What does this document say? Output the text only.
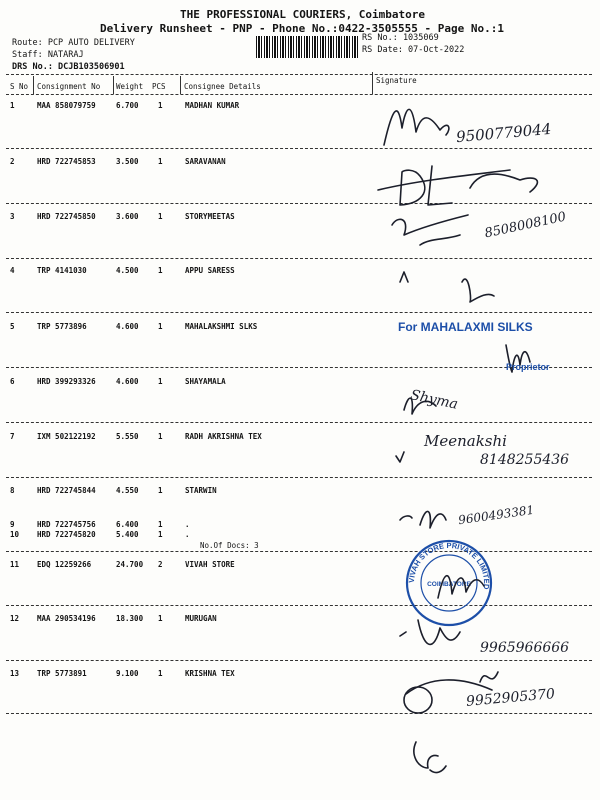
THE PROFESSIONAL COURIERS, Coimbatore
Delivery Runsheet - PNP - Phone No.:0422-3505555 - Page No.:1
Route: PCP AUTO DELIVERY
Staff: NATARAJ
DRS No.: DCJB103506901
RS No.: 1035069
RS Date: 07-Oct-2022
S No Consignment No Weight PCS Consignee Details
Signature
1	MAA 858079759	6.700	1	MADHAN KUMAR
2	HRD 722745853	3.500	1	SARAVANAN
3	HRD 722745850	3.600	1	STORYMEETAS
4	TRP 4141030	4.500	1	APPU SARESS
5	TRP 5773896	4.600	1	MAHALAKSHMI SLKS
6	HRD 399293326	4.600	1	SHAYAMALA
7	IXM 502122192	5.550	1	RADH AKRISHNA TEX
8	HRD 722745844	4.550	1	STARWIN
9	HRD 722745756	6.400	1	.
10 HRD 722745820	5.400	1	.
No.Of Docs: 3
11 EDQ 12259266	24.700 2	VIVAH STORE
12 MAA 290534196	18.300 1	MURUGAN
13 TRP 5773891	9.100	1	KRISHNA TEX
9500779044
8508008100
Shyma
Meenakshi
8148255436
9600493381
9965966666
9952905370
For MAHALAXMI SILKS
Proprietor
VIVAH STORE PRIVATE LIMITED
COIMBATORE
